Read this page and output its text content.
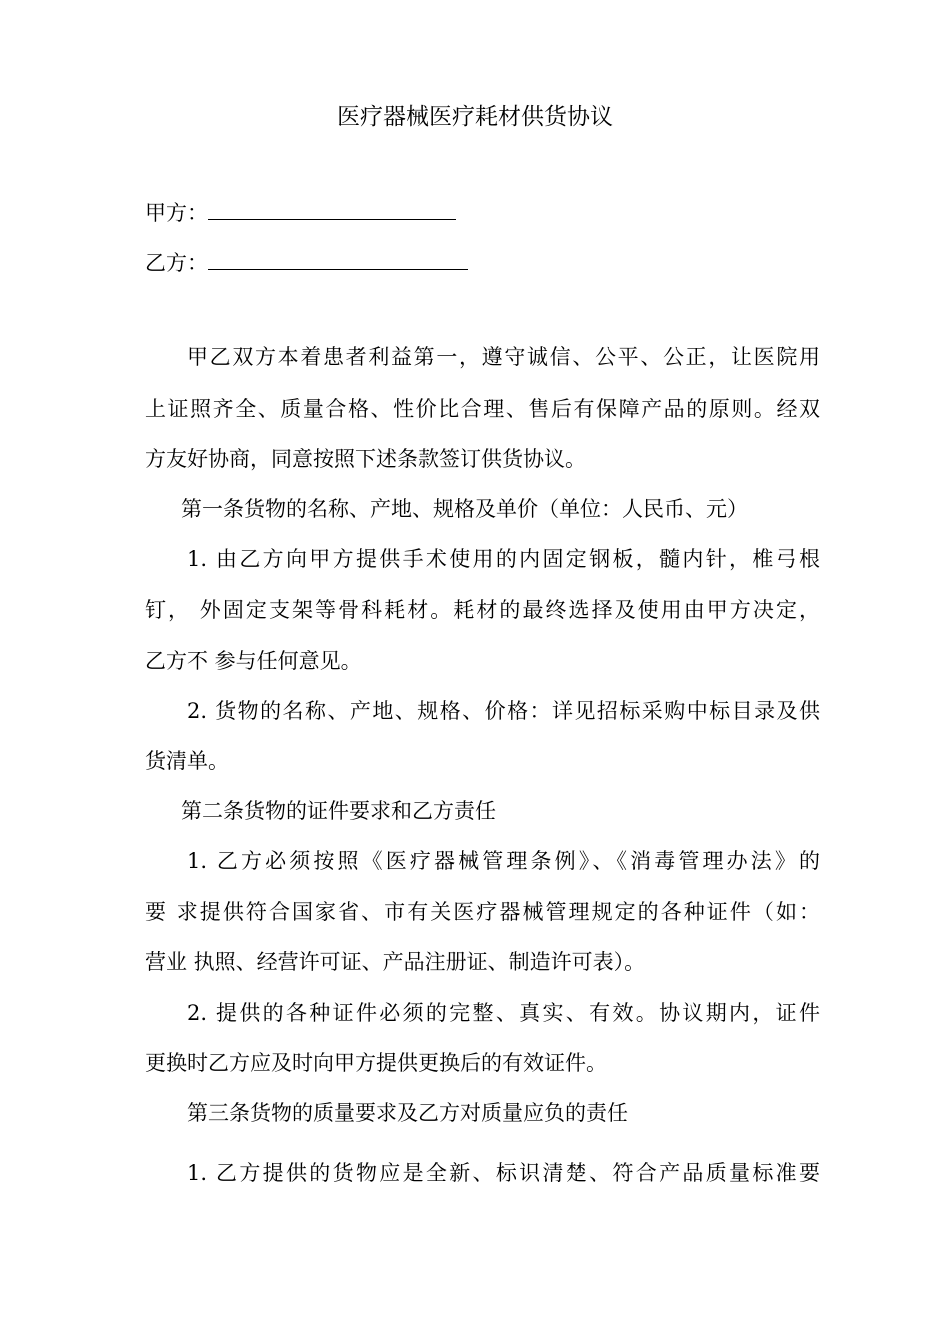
医疗器械医疗耗材供货协议
甲方：
乙方：
甲乙双方本着患者利益第一，遵守诚信、公平、公正，让医院用
上证照齐全、质量合格、性价比合理、售后有保障产品的原则。经双
方友好协商，同意按照下述条款签订供货协议。
第一条货物的名称、产地、规格及单价（单位：人民币、元）
1. 由乙方向甲方提供手术使用的内固定钢板，髓内针，椎弓根
钉， 外固定支架等骨科耗材。耗材的最终选择及使用由甲方决定，
乙方不 参与任何意见。
2. 货物的名称、产地、规格、价格：详见招标采购中标目录及供
货清单。
第二条货物的证件要求和乙方责任
1. 乙方必须按照《医疗器械管理条例》、《消毒管理办法》的
要 求提供符合国家省、市有关医疗器械管理规定的各种证件（如：
营业 执照、经营许可证、产品注册证、制造许可表）。
2. 提供的各种证件必须的完整、真实、有效。协议期内，证件
更换时乙方应及时向甲方提供更换后的有效证件。
第三条货物的质量要求及乙方对质量应负的责任
1. 乙方提供的货物应是全新、标识清楚、符合产品质量标准要
